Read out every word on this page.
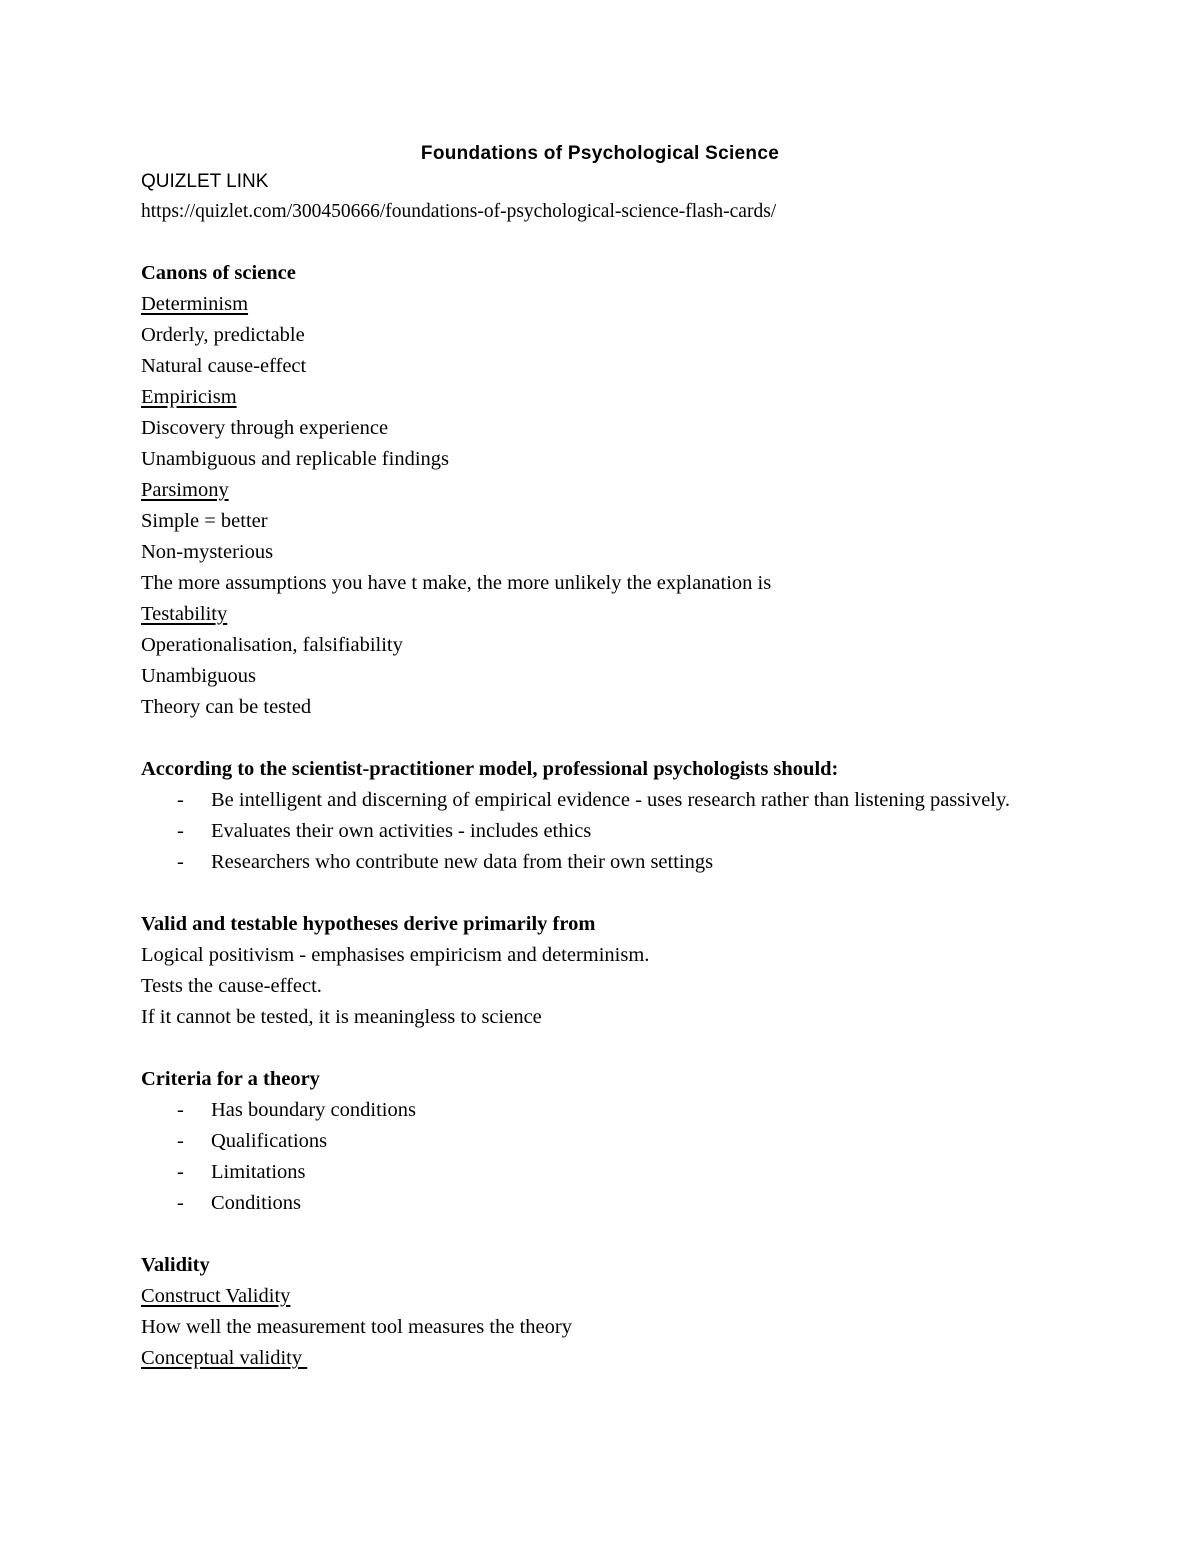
Foundations of Psychological Science
QUIZLET LINK
https://quizlet.com/300450666/foundations-of-psychological-science-flash-cards/
Canons of science
Determinism
Orderly, predictable
Natural cause-effect
Empiricism
Discovery through experience
Unambiguous and replicable findings
Parsimony
Simple = better
Non-mysterious
The more assumptions you have t make, the more unlikely the explanation is
Testability
Operationalisation, falsifiability
Unambiguous
Theory can be tested
According to the scientist-practitioner model, professional psychologists should:
- Be intelligent and discerning of empirical evidence - uses research rather than listening passively.
- Evaluates their own activities - includes ethics
- Researchers who contribute new data from their own settings
Valid and testable hypotheses derive primarily from
Logical positivism - emphasises empiricism and determinism.
Tests the cause-effect.
If it cannot be tested, it is meaningless to science
Criteria for a theory
- Has boundary conditions
- Qualifications
- Limitations
- Conditions
Validity
Construct Validity
How well the measurement tool measures the theory
Conceptual validity
